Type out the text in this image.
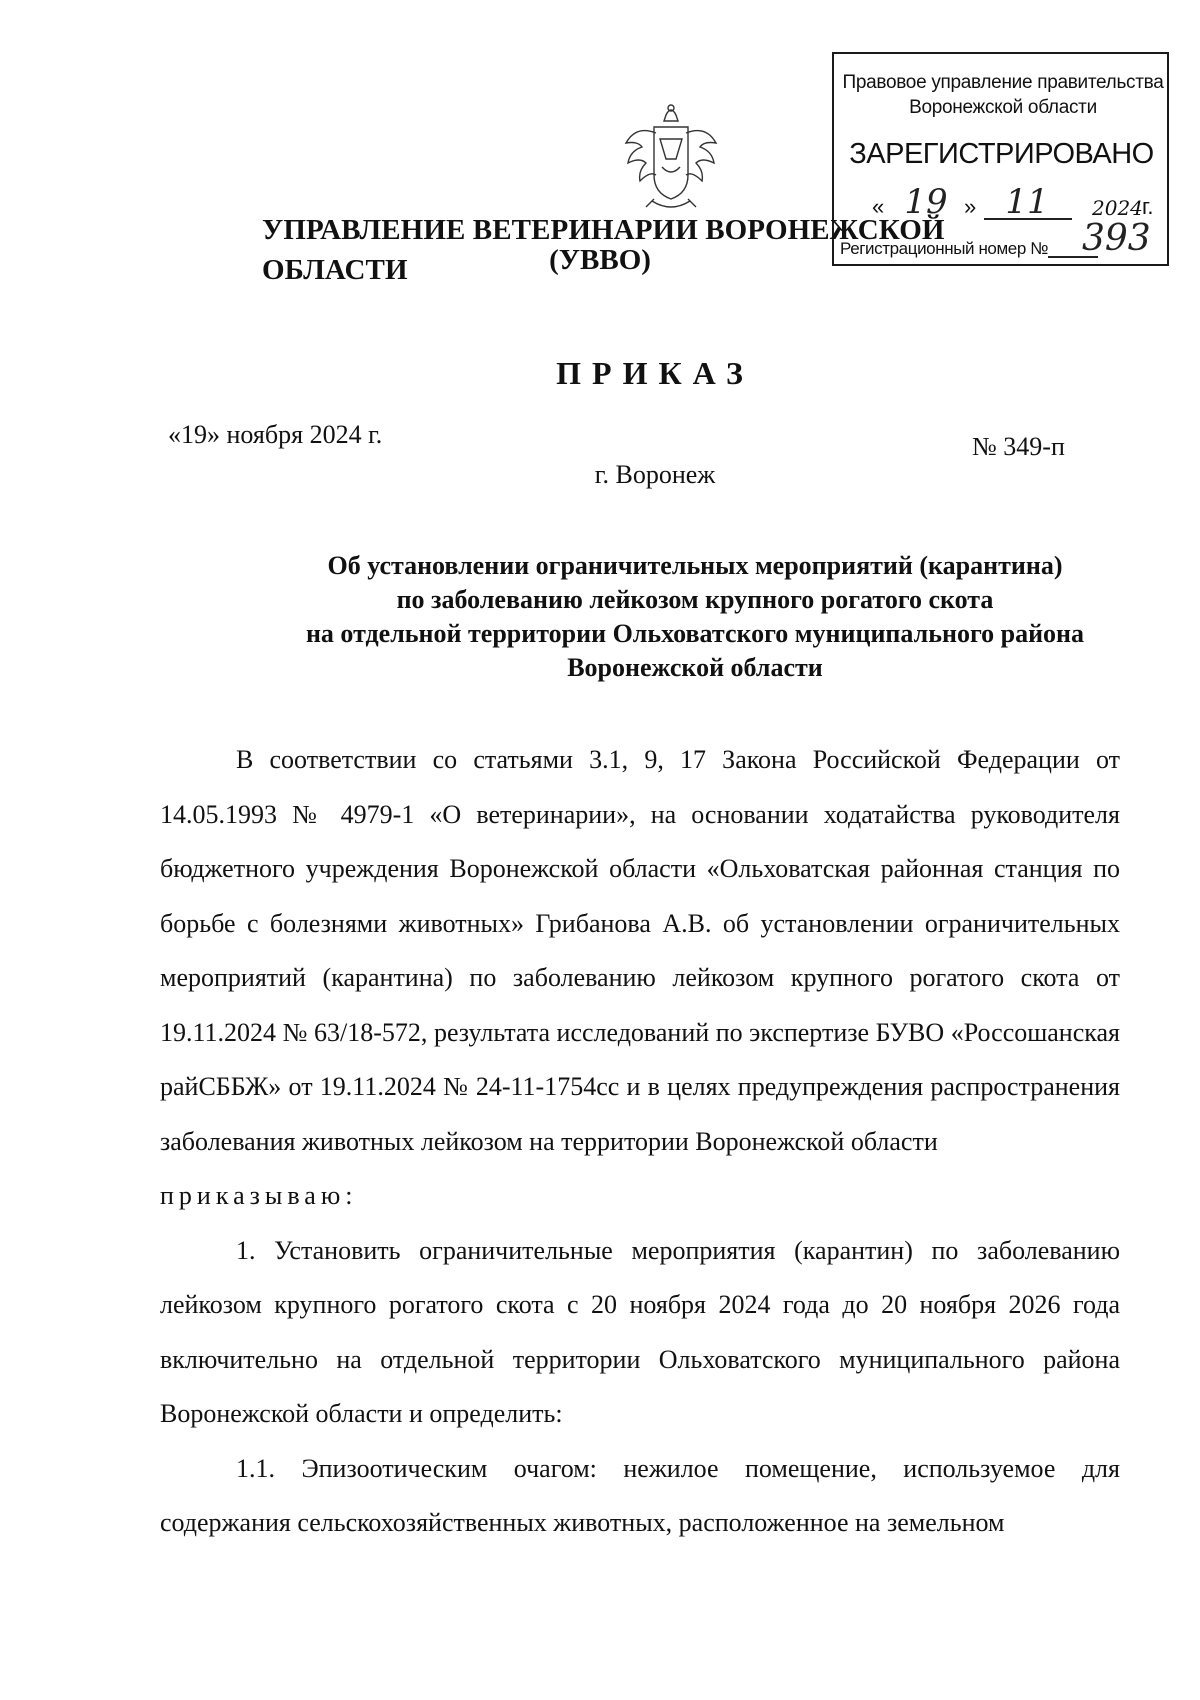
Правовое управление правительства
Воронежской области
ЗАРЕГИСТРИРОВАНО
« 19 » 11	2024 г.
Регистрационный номер № 393
УПРАВЛЕНИЕ ВЕТЕРИНАРИИ ВОРОНЕЖСКОЙ ОБЛАСТИ	(УВВО)
ПРИКАЗ
«19» ноября 2024 г.	№ 349-п
г. Воронеж
Об установлении ограничительных мероприятий (карантина)
по заболеванию лейкозом крупного рогатого скота
на отдельной территории Ольховатского муниципального района
Воронежской области

В соответствии со статьями 3.1, 9, 17 Закона Российской Федерации от 14.05.1993 № 4979-1 «О ветеринарии», на основании ходатайства руководителя бюджетного учреждения Воронежской области «Ольховатская районная станция по борьбе с болезнями животных» Грибанова А.В. об установлении ограничительных мероприятий (карантина) по заболеванию лейкозом крупного рогатого скота от 19.11.2024 № 63/18-572, результата исследований по экспертизе БУВО «Россошанская райСББЖ» от 19.11.2024 № 24-11-1754сс и в целях предупреждения распространения заболевания животных лейкозом на территории Воронежской области

приказываю:

1. Установить ограничительные мероприятия (карантин) по заболеванию лейкозом крупного рогатого скота с 20 ноября 2024 года до 20 ноября 2026 года включительно на отдельной территории Ольховатского муниципального района Воронежской области и определить:

1.1. Эпизоотическим очагом: нежилое помещение, используемое для содержания сельскохозяйственных животных, расположенное на земельном
